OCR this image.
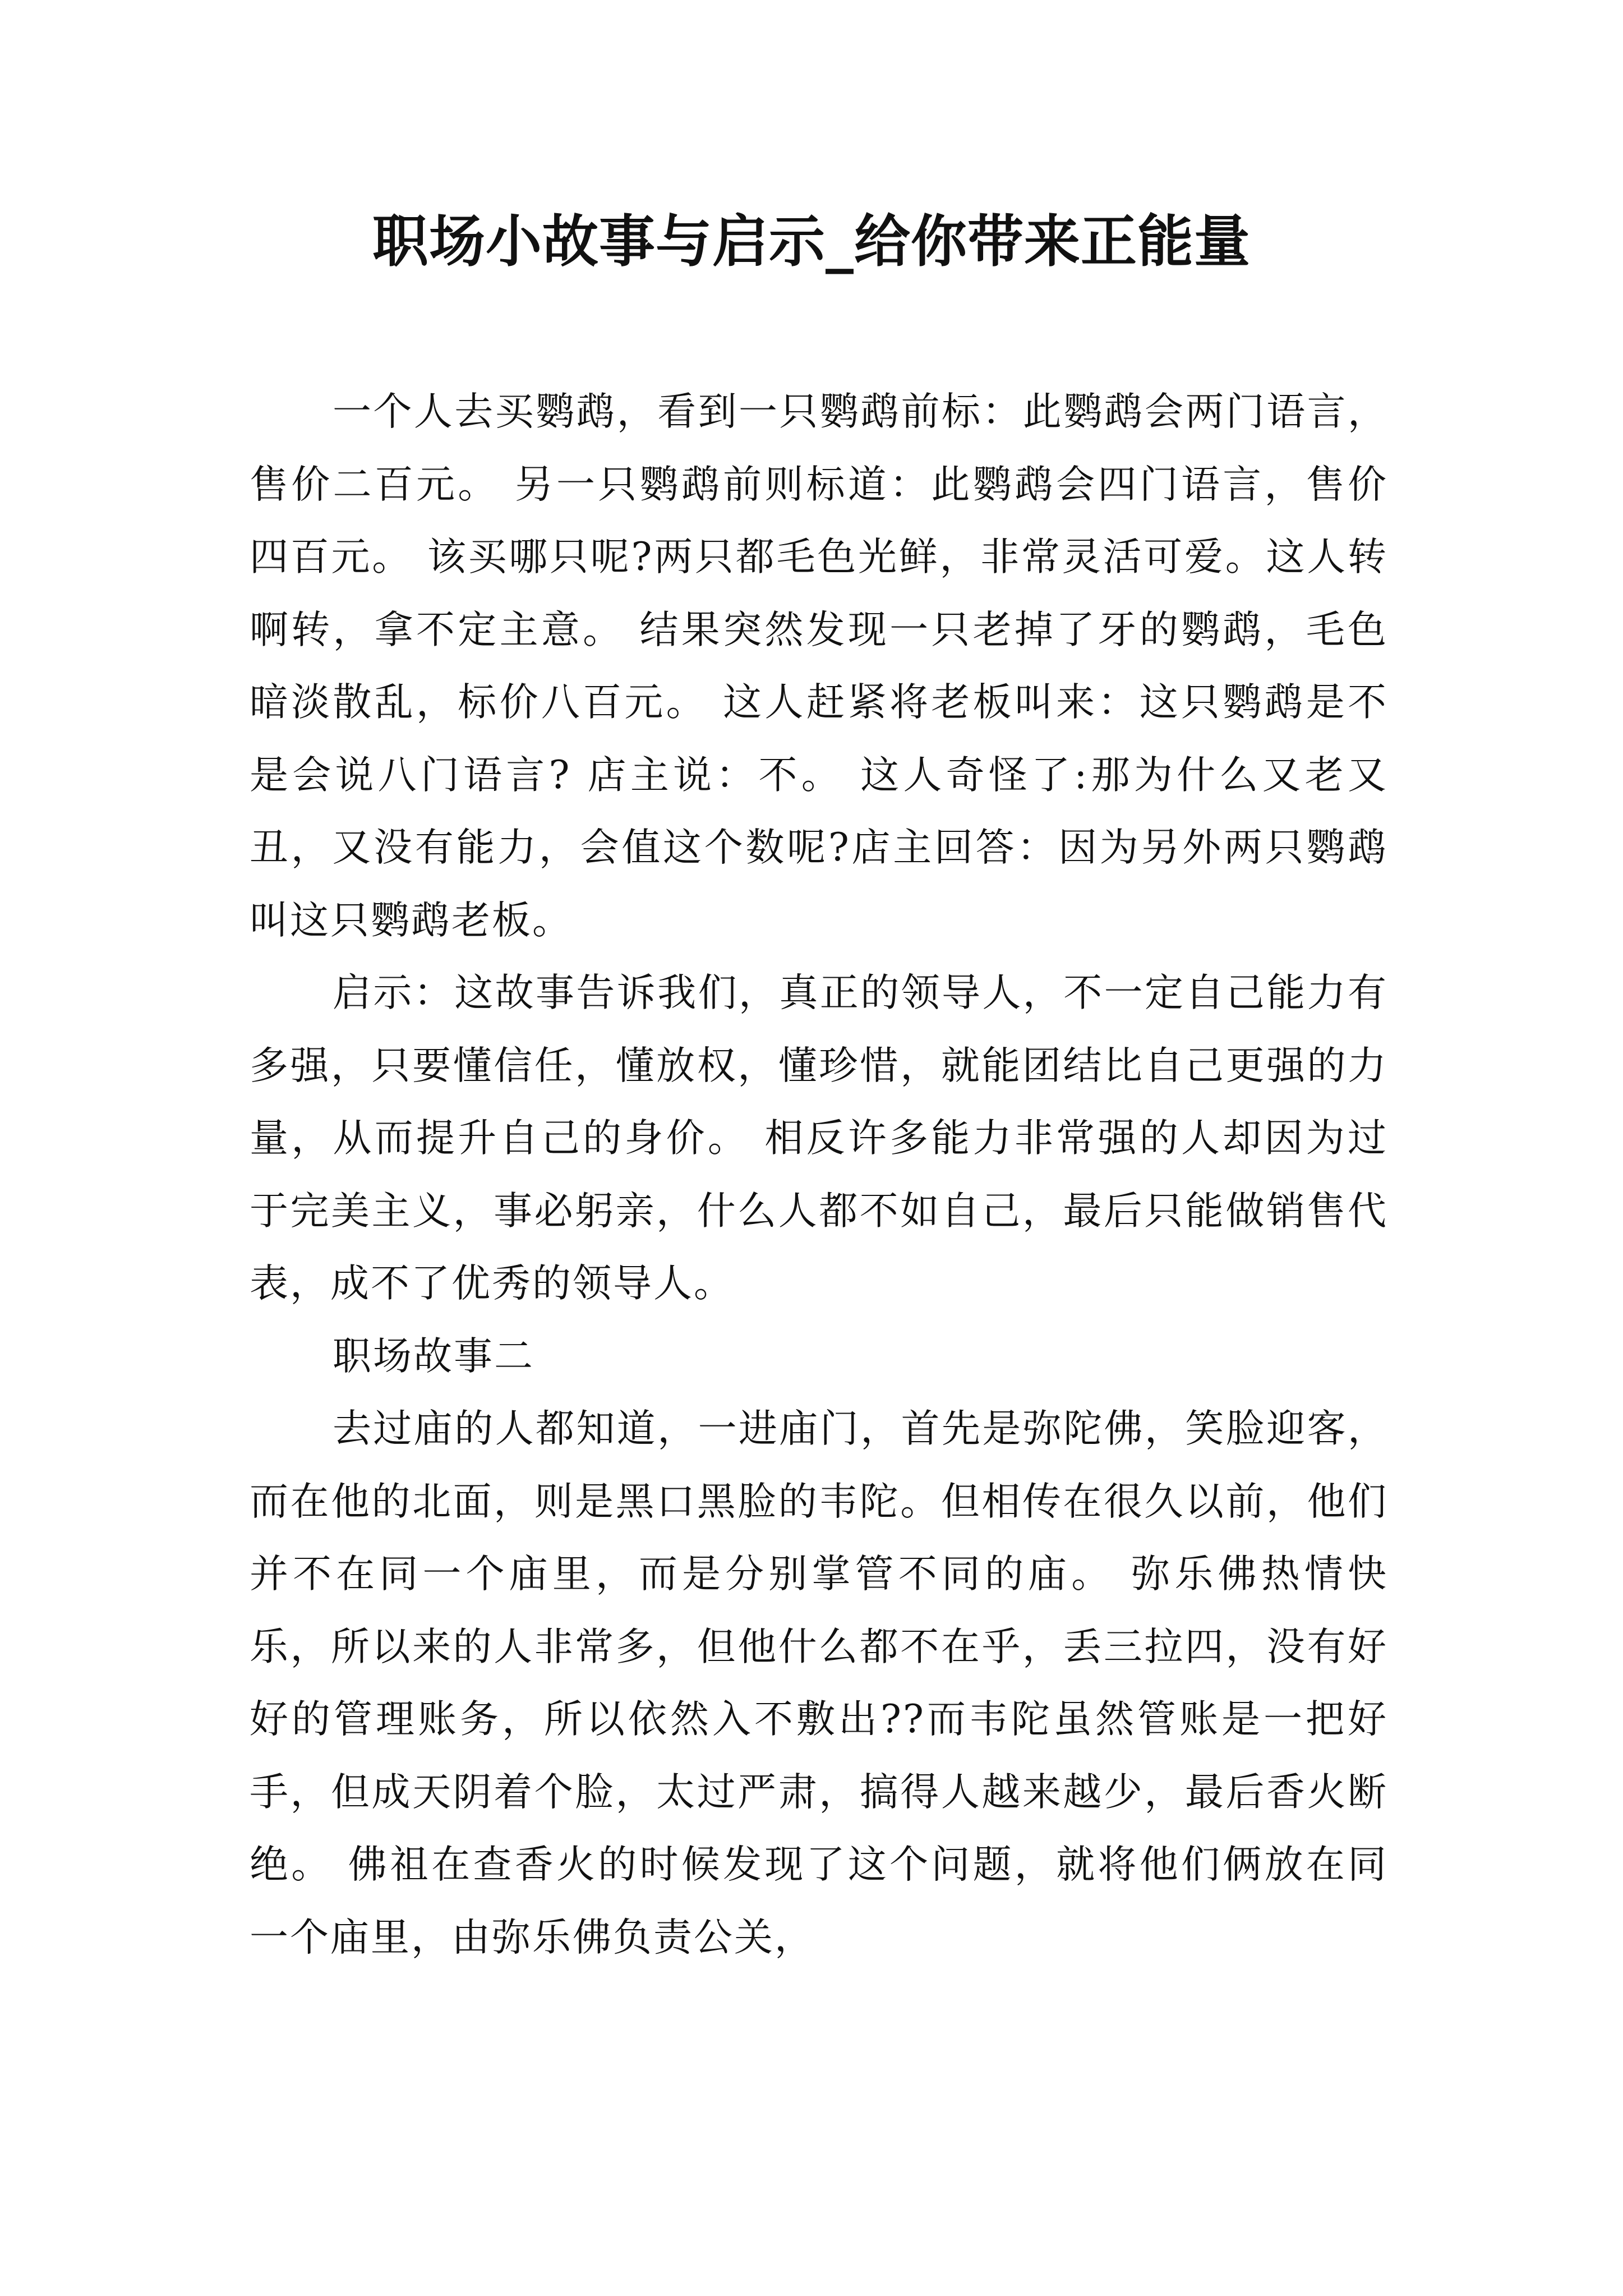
职场小故事与启示_给你带来正能量

一个人去买鹦鹉，看到一只鹦鹉前标：此鹦鹉会两门语言，售价二百元。 另一只鹦鹉前则标道：此鹦鹉会四门语言，售价四百元。 该买哪只呢?两只都毛色光鲜，非常灵活可爱。这人转啊转，拿不定主意。 结果突然发现一只老掉了牙的鹦鹉，毛色暗淡散乱，标价八百元。 这人赶紧将老板叫来：这只鹦鹉是不是会说八门语言? 店主说：不。 这人奇怪了:那为什么又老又丑，又没有能力，会值这个数呢?店主回答：因为另外两只鹦鹉叫这只鹦鹉老板。

启示：这故事告诉我们，真正的领导人，不一定自己能力有多强，只要懂信任，懂放权，懂珍惜，就能团结比自己更强的力量，从而提升自己的身价。 相反许多能力非常强的人却因为过于完美主义，事必躬亲，什么人都不如自己，最后只能做销售代表，成不了优秀的领导人。

职场故事二

去过庙的人都知道，一进庙门，首先是弥陀佛，笑脸迎客，而在他的北面，则是黑口黑脸的韦陀。但相传在很久以前，他们并不在同一个庙里，而是分别掌管不同的庙。 弥乐佛热情快乐，所以来的人非常多，但他什么都不在乎，丢三拉四，没有好好的管理账务，所以依然入不敷出??而韦陀虽然管账是一把好手，但成天阴着个脸，太过严肃，搞得人越来越少，最后香火断绝。 佛祖在查香火的时候发现了这个问题，就将他们俩放在同一个庙里，由弥乐佛负责公关，
